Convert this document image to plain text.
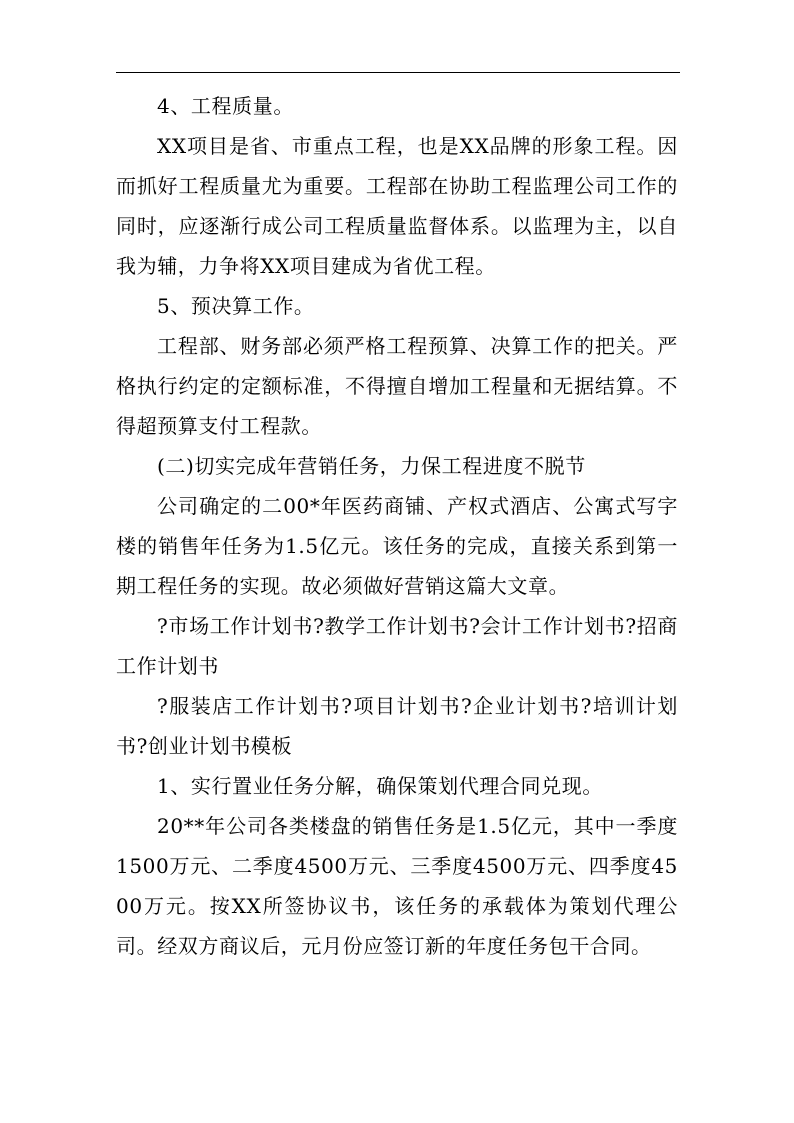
4、工程质量。

XX项目是省、市重点工程，也是XX品牌的形象工程。因而抓好工程质量尤为重要。工程部在协助工程监理公司工作的同时，应逐渐行成公司工程质量监督体系。以监理为主，以自我为辅，力争将XX项目建成为省优工程。

5、预决算工作。

工程部、财务部必须严格工程预算、决算工作的把关。严格执行约定的定额标准，不得擅自增加工程量和无据结算。不得超预算支付工程款。

(二)切实完成年营销任务，力保工程进度不脱节

公司确定的二00*年医药商铺、产权式酒店、公寓式写字楼的销售年任务为1.5亿元。该任务的完成，直接关系到第一期工程任务的实现。故必须做好营销这篇大文章。

?市场工作计划书?教学工作计划书?会计工作计划书?招商工作计划书

?服装店工作计划书?项目计划书?企业计划书?培训计划书?创业计划书模板

1、实行置业任务分解，确保策划代理合同兑现。

20**年公司各类楼盘的销售任务是1.5亿元，其中一季度1500万元、二季度4500万元、三季度4500万元、四季度4500万元。按XX所签协议书，该任务的承载体为策划代理公司。经双方商议后，元月份应签订新的年度任务包干合同。
